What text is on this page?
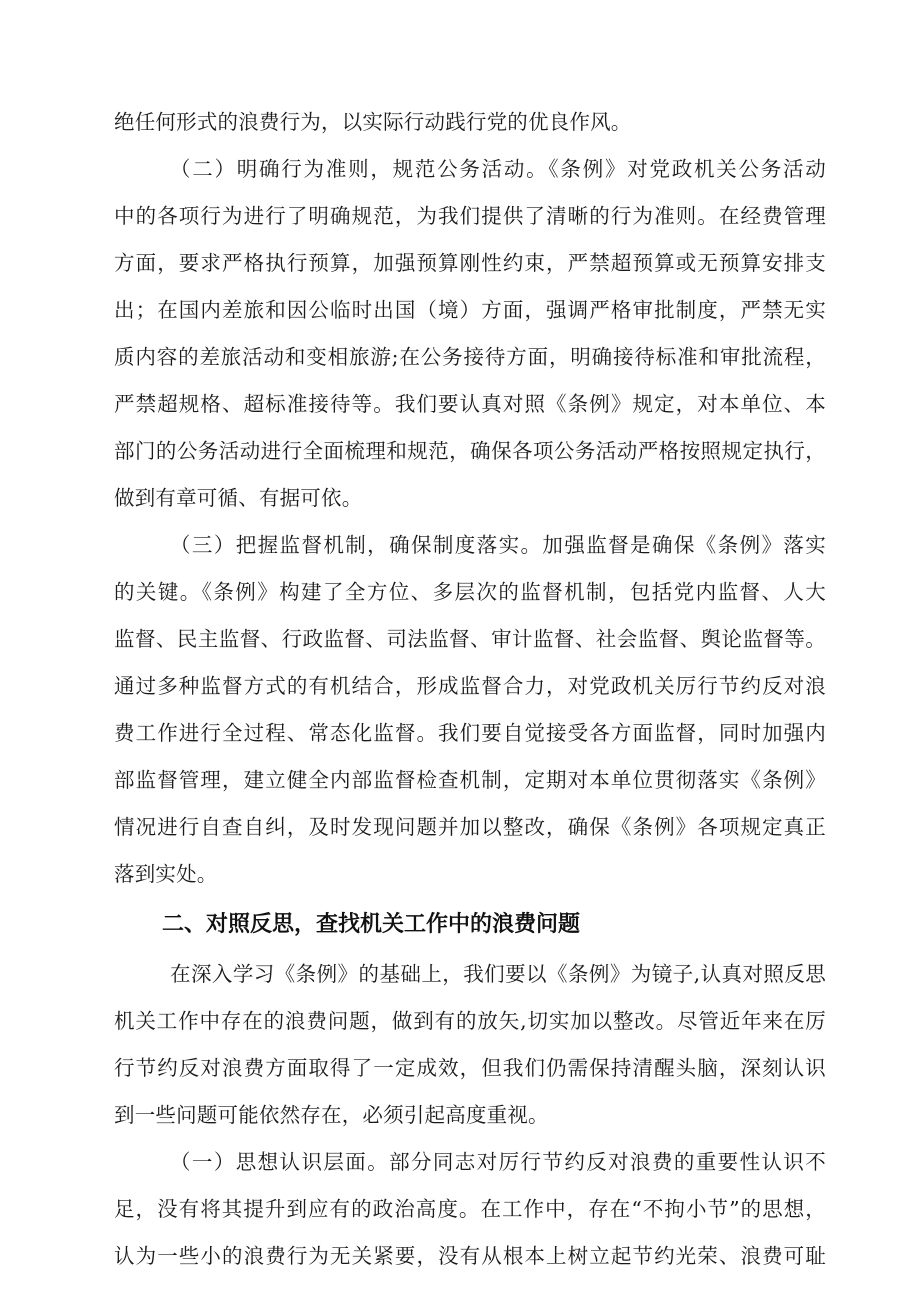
绝任何形式的浪费行为，以实际行动践行党的优良作风。
（二）明确行为准则，规范公务活动。《条例》对党政机关公务活动
中的各项行为进行了明确规范，为我们提供了清晰的行为准则。在经费管理
方面，要求严格执行预算，加强预算刚性约束，严禁超预算或无预算安排支
出；在国内差旅和因公临时出国（境）方面，强调严格审批制度，严禁无实
质内容的差旅活动和变相旅游;在公务接待方面，明确接待标准和审批流程，
严禁超规格、超标准接待等。我们要认真对照《条例》规定，对本单位、本
部门的公务活动进行全面梳理和规范，确保各项公务活动严格按照规定执行，
做到有章可循、有据可依。
（三）把握监督机制，确保制度落实。加强监督是确保《条例》落实
的关键。《条例》构建了全方位、多层次的监督机制，包括党内监督、人大
监督、民主监督、行政监督、司法监督、审计监督、社会监督、舆论监督等。
通过多种监督方式的有机结合，形成监督合力，对党政机关厉行节约反对浪
费工作进行全过程、常态化监督。我们要自觉接受各方面监督，同时加强内
部监督管理，建立健全内部监督检查机制，定期对本单位贯彻落实《条例》
情况进行自查自纠，及时发现问题并加以整改，确保《条例》各项规定真正
落到实处。
二、对照反思，查找机关工作中的浪费问题
在深入学习《条例》的基础上，我们要以《条例》为镜子,认真对照反思
机关工作中存在的浪费问题，做到有的放矢,切实加以整改。尽管近年来在厉
行节约反对浪费方面取得了一定成效，但我们仍需保持清醒头脑，深刻认识
到一些问题可能依然存在，必须引起高度重视。
（一）思想认识层面。部分同志对厉行节约反对浪费的重要性认识不
足，没有将其提升到应有的政治高度。在工作中，存在“不拘小节”的思想，
认为一些小的浪费行为无关紧要，没有从根本上树立起节约光荣、浪费可耻
